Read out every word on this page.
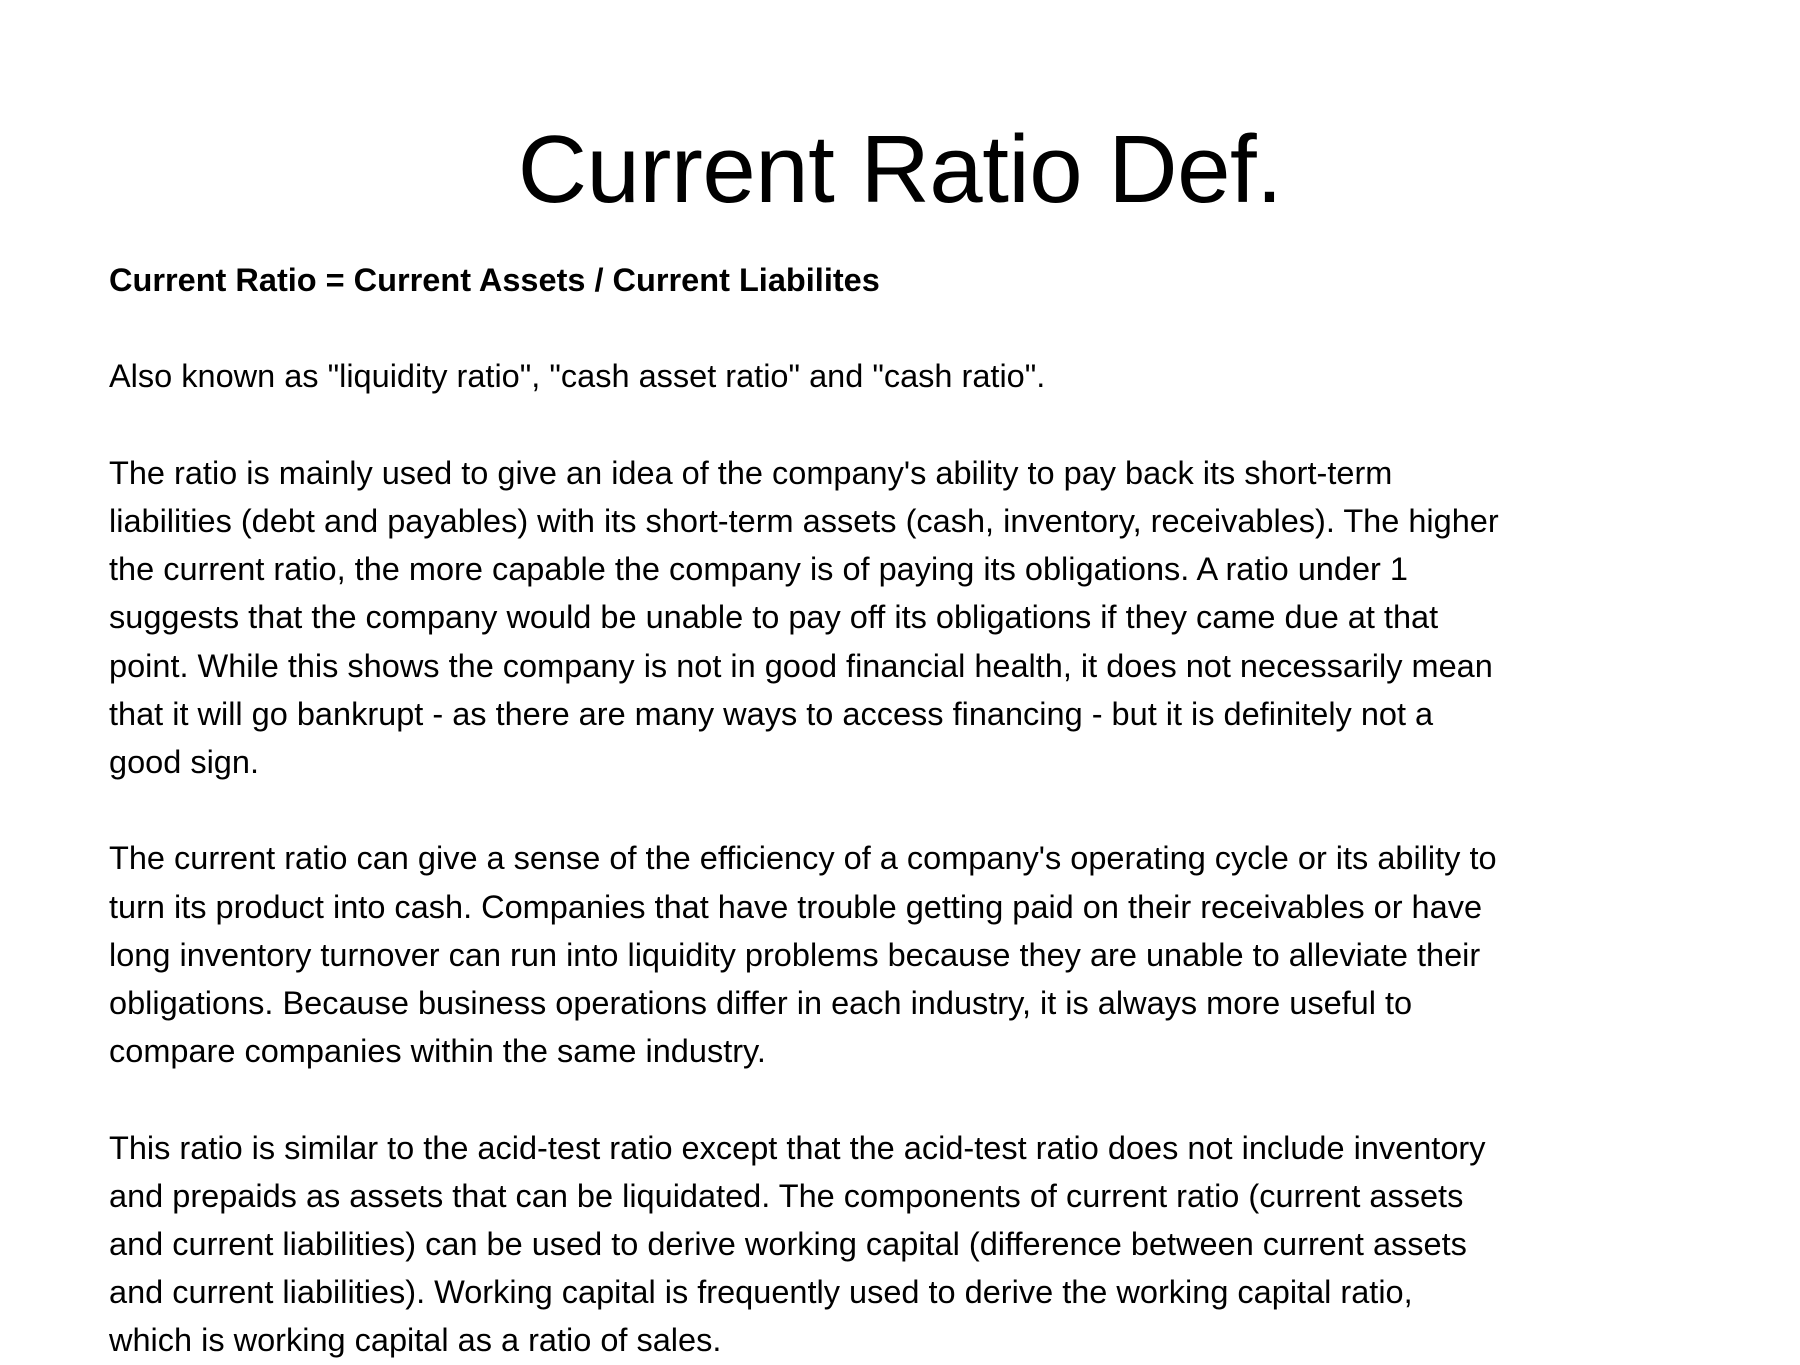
Current Ratio Def.

Current Ratio = Current Assets / Current Liabilites

Also known as "liquidity ratio", "cash asset ratio" and "cash ratio".

The ratio is mainly used to give an idea of the company's ability to pay back its short-term

liabilities (debt and payables) with its short-term assets (cash, inventory, receivables). The higher

the current ratio, the more capable the company is of paying its obligations. A ratio under 1

suggests that the company would be unable to pay off its obligations if they came due at that

point. While this shows the company is not in good financial health, it does not necessarily mean

that it will go bankrupt - as there are many ways to access financing - but it is definitely not a

good sign.

The current ratio can give a sense of the efficiency of a company's operating cycle or its ability to

turn its product into cash. Companies that have trouble getting paid on their receivables or have

long inventory turnover can run into liquidity problems because they are unable to alleviate their

obligations. Because business operations differ in each industry, it is always more useful to

compare companies within the same industry.

This ratio is similar to the acid-test ratio except that the acid-test ratio does not include inventory

and prepaids as assets that can be liquidated. The components of current ratio (current assets

and current liabilities) can be used to derive working capital (difference between current assets

and current liabilities). Working capital is frequently used to derive the working capital ratio,

which is working capital as a ratio of sales.
